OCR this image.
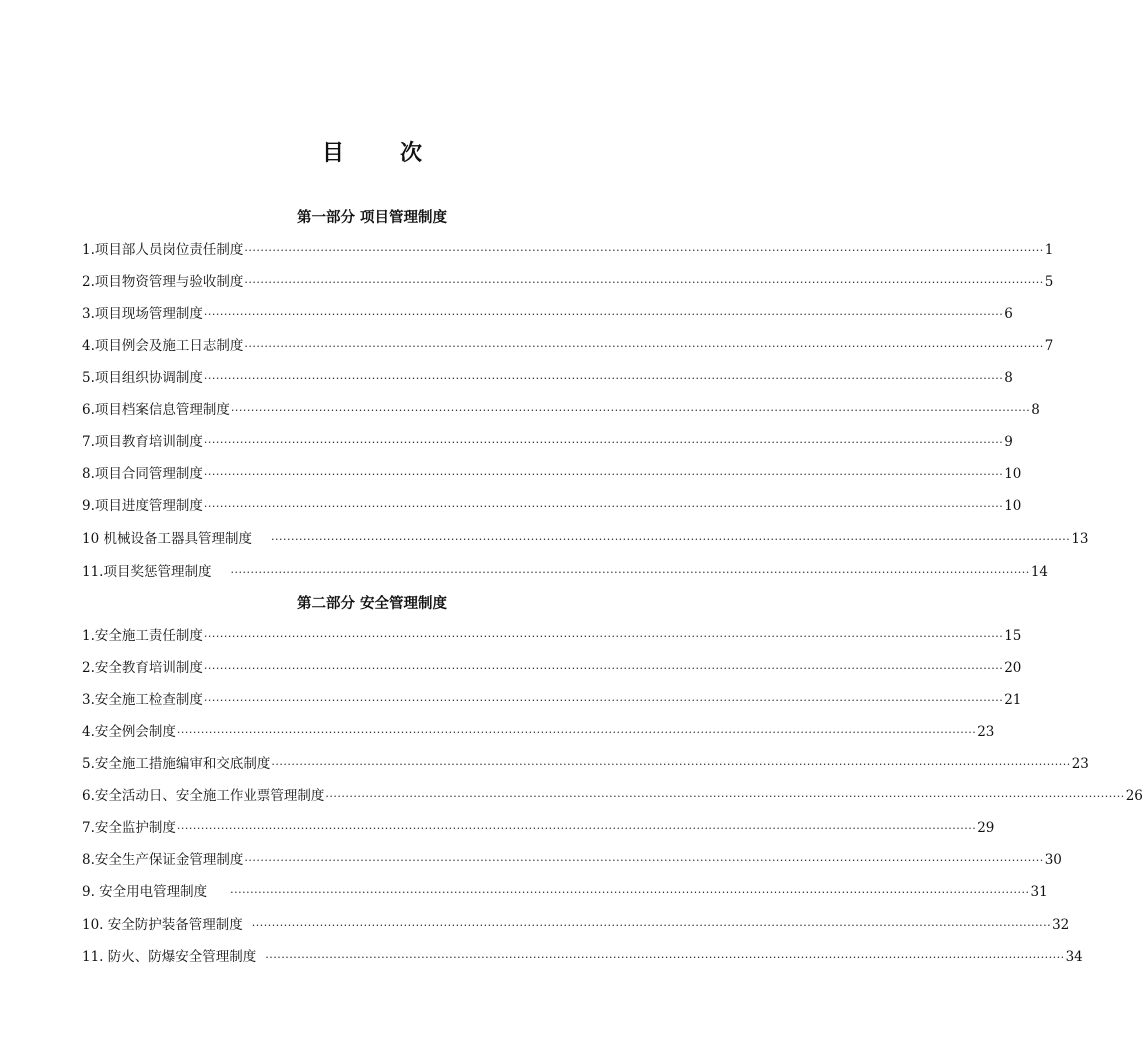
目	次
第一部分 项目管理制度
1.项目部人员岗位责任制度 ········································································································································································································ 1
2.项目物资管理与验收制度 ········································································································································································································ 5
3.项目现场管理制度 ········································································································································································································ 6
4.项目例会及施工日志制度 ········································································································································································································ 7
5.项目组织协调制度 ········································································································································································································ 8
6.项目档案信息管理制度 ········································································································································································································ 8
7.项目教育培训制度 ········································································································································································································ 9
8.项目合同管理制度 ········································································································································································································ 10
9.项目进度管理制度 ········································································································································································································ 10
10 机械设备工器具管理制度 ········································································································································································································ 13
11.项目奖惩管理制度 ········································································································································································································ 14
第二部分 安全管理制度
1.安全施工责任制度 ········································································································································································································ 15
2.安全教育培训制度 ········································································································································································································ 20
3.安全施工检查制度 ········································································································································································································ 21
4.安全例会制度 ········································································································································································································ 23
5.安全施工措施编审和交底制度 ········································································································································································································ 23
6.安全活动日、安全施工作业票管理制度 ········································································································································································································ 26
7.安全监护制度 ········································································································································································································ 29
8.安全生产保证金管理制度 ········································································································································································································ 30
9. 安全用电管理制度 ········································································································································································································ 31
10. 安全防护装备管理制度 ········································································································································································································ 32
11. 防火、防爆安全管理制度 ········································································································································································································ 34
